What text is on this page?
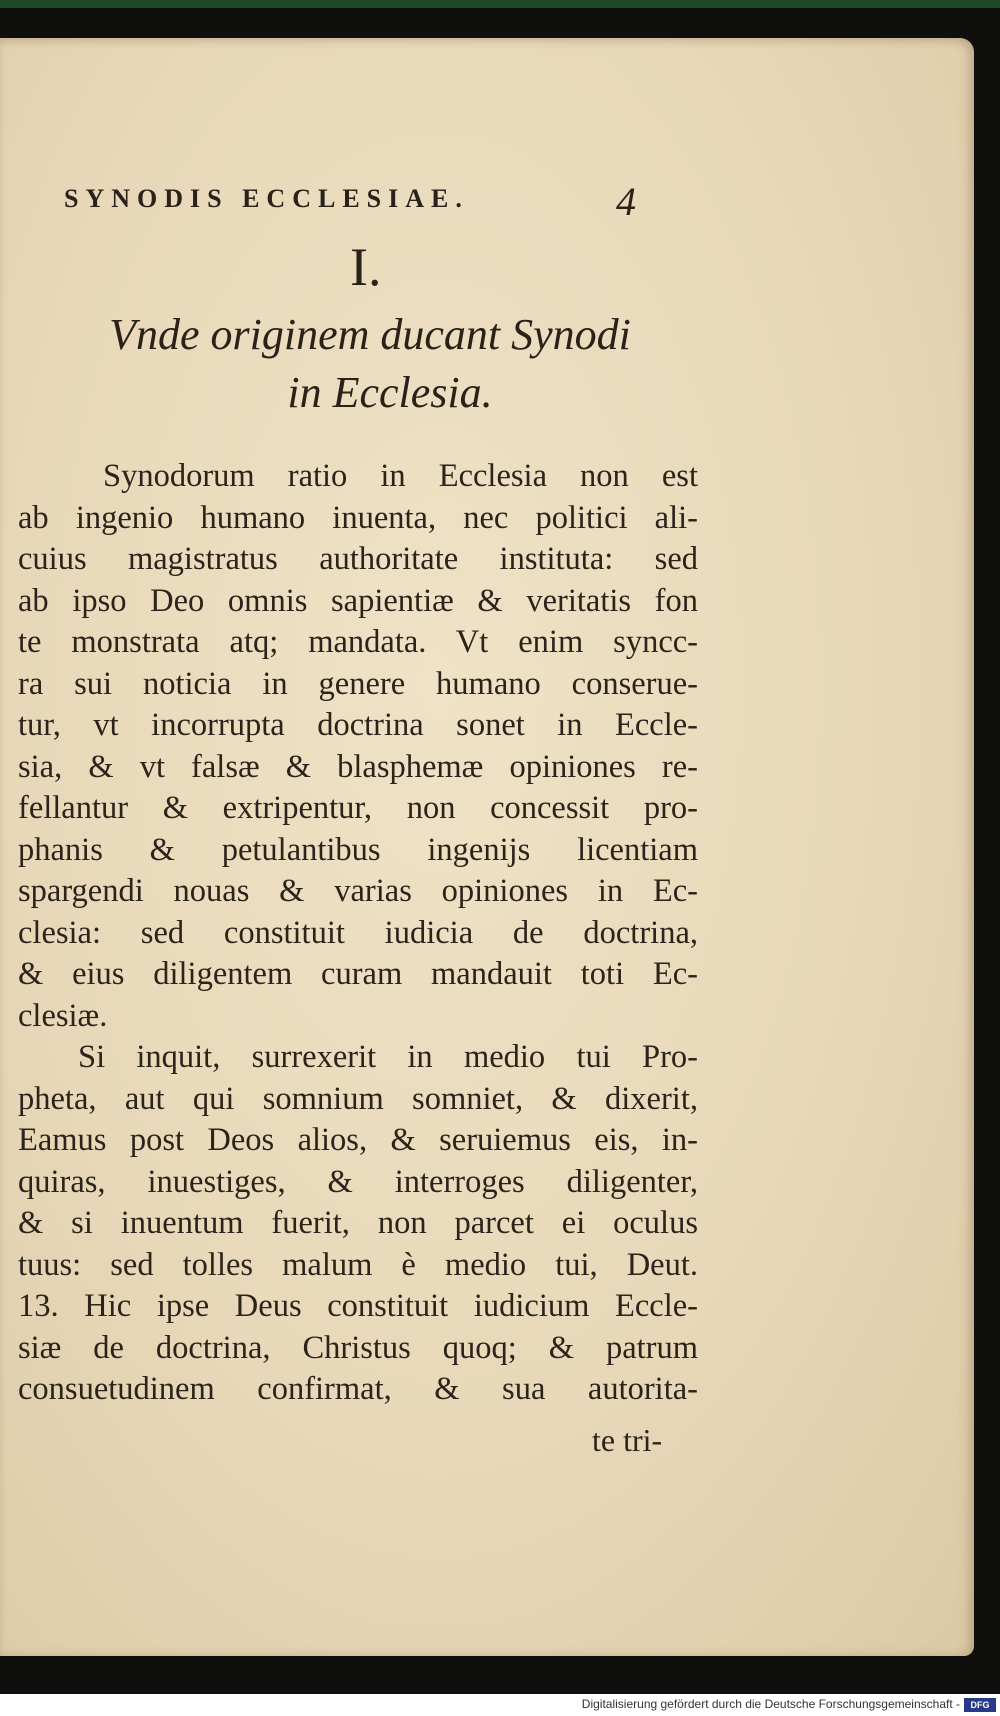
SYNODIS ECCLESIAE.	4
I.
Vnde originem ducant Synodi
in Ecclesia.
Synodorum ratio in Ecclesia non est
ab ingenio humano inuenta, nec politici ali-
cuius magistratus authoritate instituta: sed
ab ipso Deo omnis sapientiæ & veritatis fon
te monstrata atq; mandata. Vt enim syncc-
ra sui noticia in genere humano conserue-
tur, vt incorrupta doctrina sonet in Eccle-
sia, & vt falsæ & blasphemæ opiniones re-
fellantur & extripentur, non concessit pro-
phanis & petulantibus ingenijs licentiam
spargendi nouas & varias opiniones in Ec-
clesia: sed constituit iudicia de doctrina,
& eius diligentem curam mandauit toti Ec-
clesiæ.
Si inquit, surrexerit in medio tui Pro-
pheta, aut qui somnium somniet, & dixerit,
Eamus post Deos alios, & seruiemus eis, in-
quiras, inuestiges, & interroges diligenter,
& si inuentum fuerit, non parcet ei oculus
tuus: sed tolles malum è medio tui, Deut.
13. Hic ipse Deus constituit iudicium Eccle-
siæ de doctrina, Christus quoq; & patrum
consuetudinem confirmat, & sua autorita-
te tri-
Digitalisierung gefördert durch die Deutsche Forschungsgemeinschaft -	DFG
